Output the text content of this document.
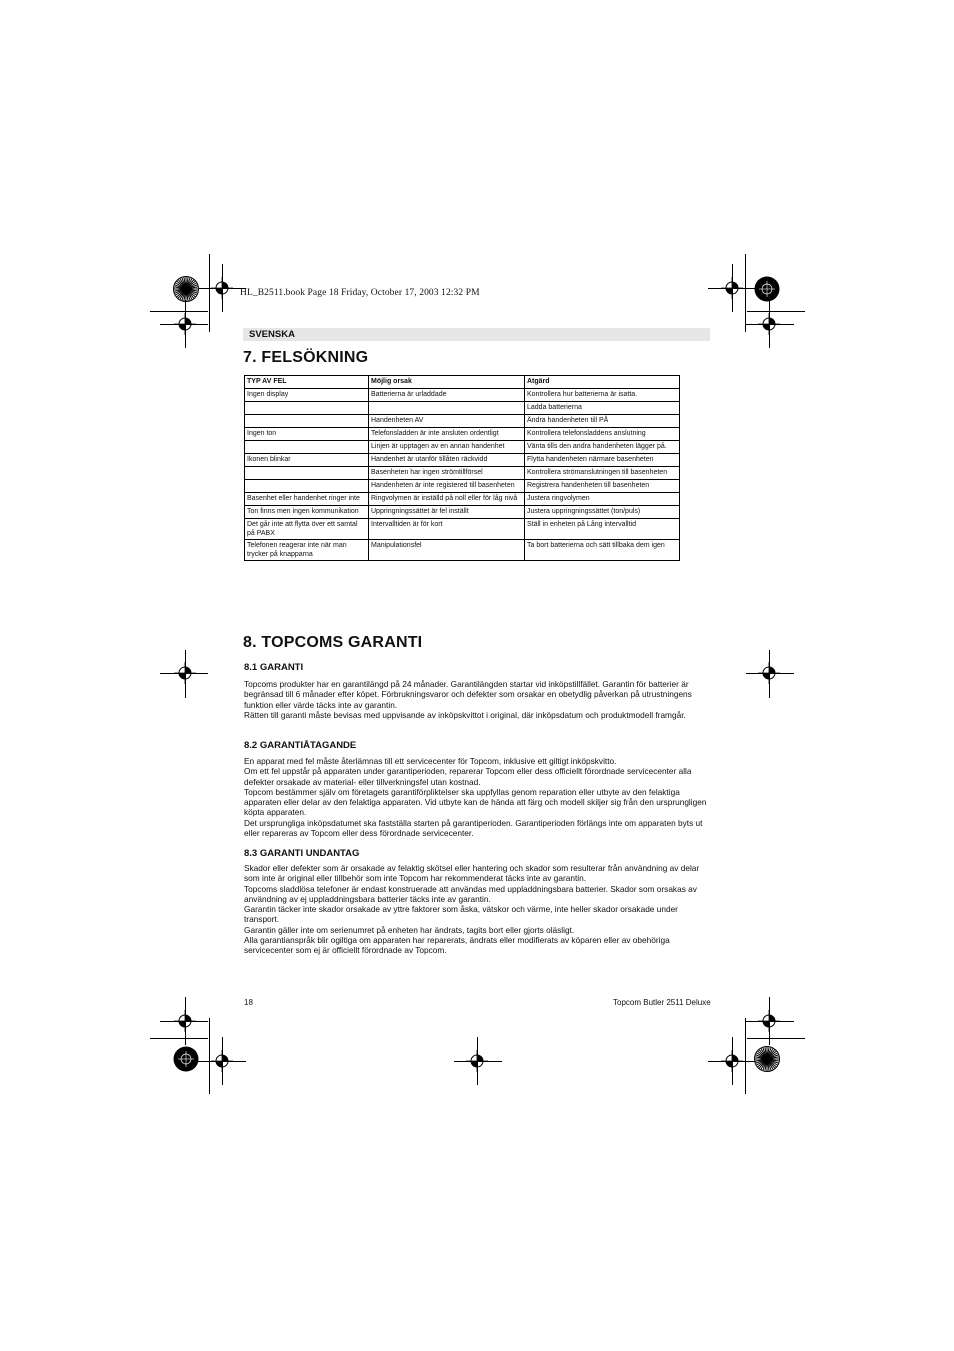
HL_B2511.book Page 18 Friday, October 17, 2003 12:32 PM
SVENSKA
7. FELSÖKNING
TYP AV FEL	Möjlig orsak	Atgärd
Ingen display	Batterierna är urladdade	Kontrollera hur batterierna är isatta.
		Ladda batterierna
	Handenheten AV	Ändra handenheten till PÅ
Ingen ton	Telefonsladden är inte ansluten ordentligt	Kontrollera telefonsladdens anslutning
	Linjen är upptagen av en annan handenhet	Vänta tills den andra handenheten lägger på.
Ikonen blinkar	Handenhet är utanför tillåten räckvidd	Flytta handenheten närmare basenheten
	Basenheten har ingen strömtillförsel	Kontrollera strömanslutningen till basenheten
	Handenheten är inte registered till basenheten	Registrera handenheten till basenheten
Basenhet eller handenhet ringer inte	Ringvolymen är inställd på noll eller för låg nivå	Justera ringvolymen
Ton finns men ingen kommunikation	Uppringningssättet är fel inställt	Justera uppringningssättet (ton/puls)
Det går inte att flytta över ett samtal på PABX	Intervalltiden är för kort	Ställ in enheten på Lång intervalltid
Telefonen reagerar inte när man trycker på knapparna	Manipulationsfel	Ta bort batterierna och sätt tillbaka dem igen
8. TOPCOMS GARANTI
8.1 GARANTI

Topcoms produkter har en garantilängd på 24 månader. Garantilängden startar vid inköpstillfället. Garantin för batterier är begränsad till 6 månader efter köpet. Förbrukningsvaror och defekter som orsakar en obetydlig påverkan på utrustningens funktion eller värde täcks inte av garantin.

Rätten till garanti måste bevisas med uppvisande av inköpskvittot i original, där inköpsdatum och produktmodell framgår.

8.2 GARANTIÅTAGANDE

En apparat med fel måste återlämnas till ett servicecenter för Topcom, inklusive ett giltigt inköpskvitto.

Om ett fel uppstår på apparaten under garantiperioden, reparerar Topcom eller dess officiellt förordnade servicecenter alla defekter orsakade av material- eller tillverkningsfel utan kostnad.

Topcom bestämmer själv om företagets garantiförpliktelser ska uppfyllas genom reparation eller utbyte av den felaktiga apparaten eller delar av den felaktiga apparaten. Vid utbyte kan de hända att färg och modell skiljer sig från den ursprungligen köpta apparaten.

Det ursprungliga inköpsdatumet ska fastställa starten på garantiperioden. Garantiperioden förlängs inte om apparaten byts ut eller repareras av Topcom eller dess förordnade servicecenter.

8.3 GARANTI UNDANTAG

Skador eller defekter som är orsakade av felaktig skötsel eller hantering och skador som resulterar från användning av delar som inte är original eller tillbehör som inte Topcom har rekommenderat täcks inte av garantin.

Topcoms sladdlösa telefoner är endast konstruerade att användas med uppladdningsbara batterier. Skador som orsakas av användning av ej uppladdningsbara batterier täcks inte av garantin.

Garantin täcker inte skador orsakade av yttre faktorer som åska, vätskor och värme, inte heller skador orsakade under transport.

Garantin gäller inte om serienumret på enheten har ändrats, tagits bort eller gjorts oläsligt.

Alla garantianspråk blir ogiltiga om apparaten har reparerats, ändrats eller modifierats av köparen eller av obehöriga servicecenter som ej är officiellt förordnade av Topcom.

18	Topcom Butler 2511 Deluxe
